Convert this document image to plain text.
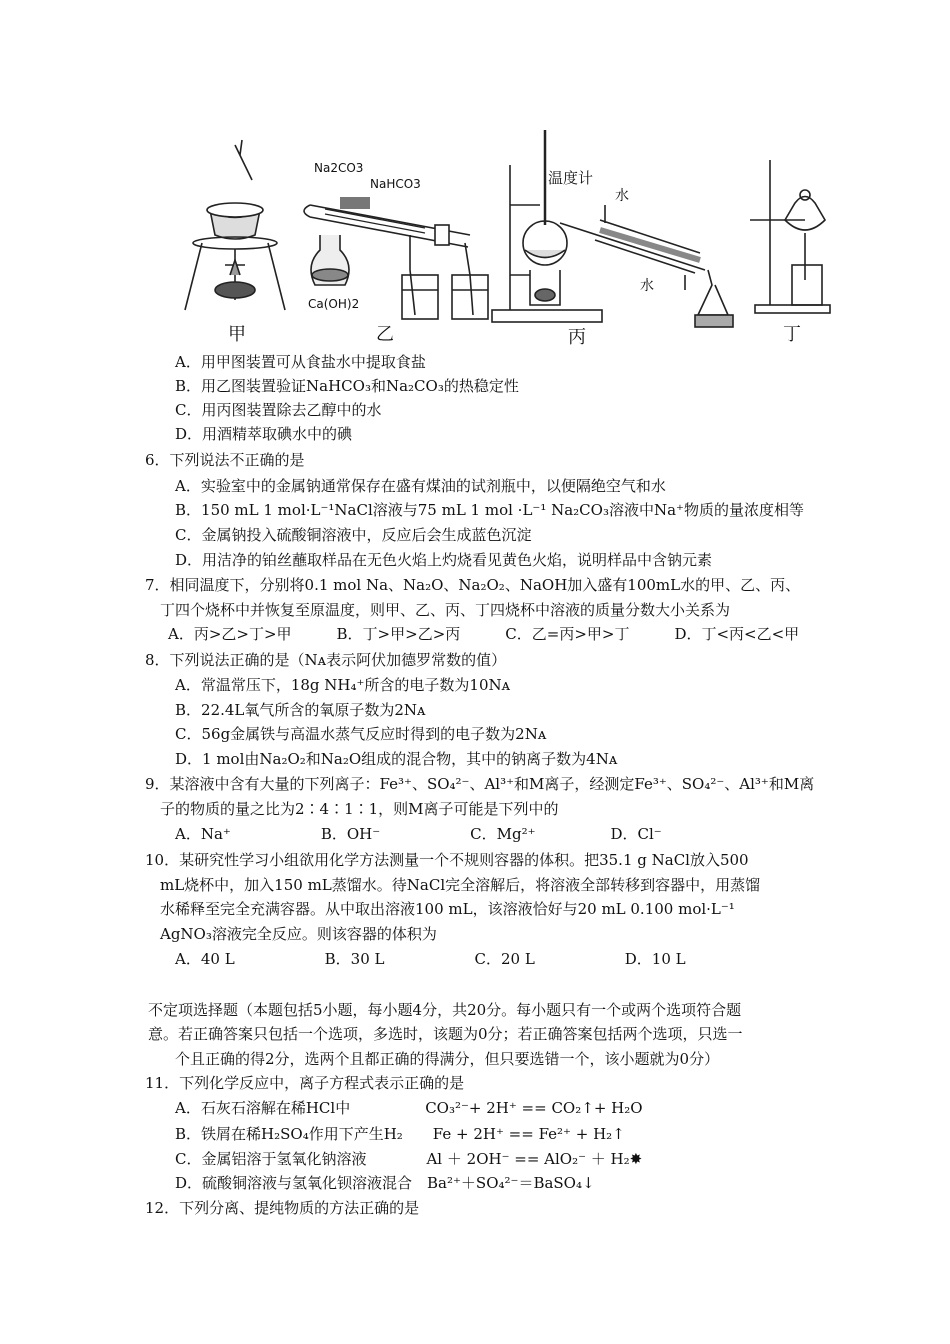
Na2CO3
NaHCO3
Ca(OH)2
温度计
水
水
甲	乙	丙	丁
A．用甲图装置可从食盐水中提取食盐
B．用乙图装置验证NaHCO₃和Na₂CO₃的热稳定性
C．用丙图装置除去乙醇中的水
D．用酒精萃取碘水中的碘
6．下列说法不正确的是
A．实验室中的金属钠通常保存在盛有煤油的试剂瓶中，以便隔绝空气和水
B．150 mL 1 mol·L⁻¹NaCl溶液与75 mL 1 mol ·L⁻¹ Na₂CO₃溶液中Na⁺物质的量浓度相等
C．金属钠投入硫酸铜溶液中，反应后会生成蓝色沉淀
D．用洁净的铂丝蘸取样品在无色火焰上灼烧看见黄色火焰，说明样品中含钠元素
7．相同温度下，分别将0.1 mol Na、Na₂O、Na₂O₂、NaOH加入盛有100mL水的甲、乙、丙、
丁四个烧杯中并恢复至原温度，则甲、乙、丙、丁四烧杯中溶液的质量分数大小关系为
A．丙>乙>丁>甲　　　B．丁>甲>乙>丙　　　C．乙=丙>甲>丁　　　D．丁<丙<乙<甲
8．下列说法正确的是（Nᴀ表示阿伏加德罗常数的值）
A．常温常压下，18g NH₄⁺所含的电子数为10Nᴀ
B．22.4L氧气所含的氧原子数为2Nᴀ
C．56g金属铁与高温水蒸气反应时得到的电子数为2Nᴀ
D．1 mol由Na₂O₂和Na₂O组成的混合物，其中的钠离子数为4Nᴀ
9．某溶液中含有大量的下列离子：Fe³⁺、SO₄²⁻、Al³⁺和M离子，经测定Fe³⁺、SO₄²⁻、Al³⁺和M离
子的物质的量之比为2∶4∶1∶1，则M离子可能是下列中的
A．Na⁺　　　　　　B．OH⁻　　　　　　C．Mg²⁺　　　　　D．Cl⁻
10．某研究性学习小组欲用化学方法测量一个不规则容器的体积。把35.1 g NaCl放入500
mL烧杯中，加入150 mL蒸馏水。待NaCl完全溶解后，将溶液全部转移到容器中，用蒸馏
水稀释至完全充满容器。从中取出溶液100 mL，该溶液恰好与20 mL 0.100 mol·L⁻¹
AgNO₃溶液完全反应。则该容器的体积为
A．40 L　　　　　　B．30 L　　　　　　C．20 L　　　　　　D．10 L
不定项选择题（本题包括5小题，每小题4分，共20分。每小题只有一个或两个选项符合题
意。若正确答案只包括一个选项，多选时，该题为0分；若正确答案包括两个选项，只选一
个且正确的得2分，选两个且都正确的得满分，但只要选错一个，该小题就为0分）
11．下列化学反应中，离子方程式表示正确的是
A．石灰石溶解在稀HCl中　　　　　CO₃²⁻+ 2H⁺ == CO₂↑+ H₂O
B．铁屑在稀H₂SO₄作用下产生H₂　　Fe + 2H⁺ == Fe²⁺ + H₂↑
C．金属铝溶于氢氧化钠溶液　　　　Al ＋ 2OH⁻ == AlO₂⁻ ＋ H₂✸
D．硫酸铜溶液与氢氧化钡溶液混合　Ba²⁺＋SO₄²⁻＝BaSO₄↓
12．下列分离、提纯物质的方法正确的是
